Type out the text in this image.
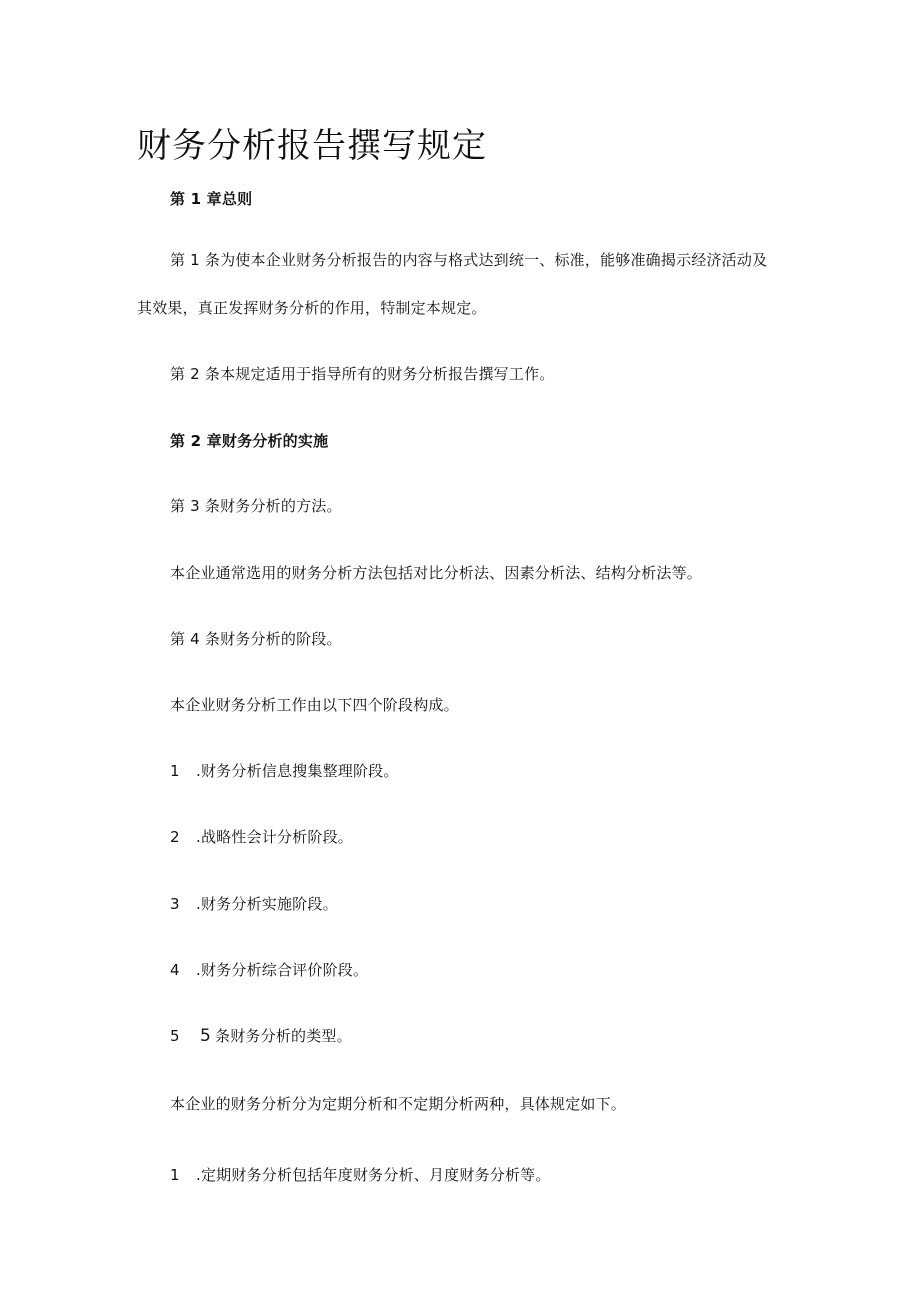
财务分析报告撰写规定
第 1 章总则
第 1 条为使本企业财务分析报告的内容与格式达到统一、标准，能够准确揭示经济活动及
其效果，真正发挥财务分析的作用，特制定本规定。
第 2 条本规定适用于指导所有的财务分析报告撰写工作。
第 2 章财务分析的实施
第 3 条财务分析的方法。
本企业通常选用的财务分析方法包括对比分析法、因素分析法、结构分析法等。
第 4 条财务分析的阶段。
本企业财务分析工作由以下四个阶段构成。
1 .财务分析信息搜集整理阶段。
2 .战略性会计分析阶段。
3 .财务分析实施阶段。
4 .财务分析综合评价阶段。
5 5 条财务分析的类型。
本企业的财务分析分为定期分析和不定期分析两种，具体规定如下。
1 .定期财务分析包括年度财务分析、月度财务分析等。
